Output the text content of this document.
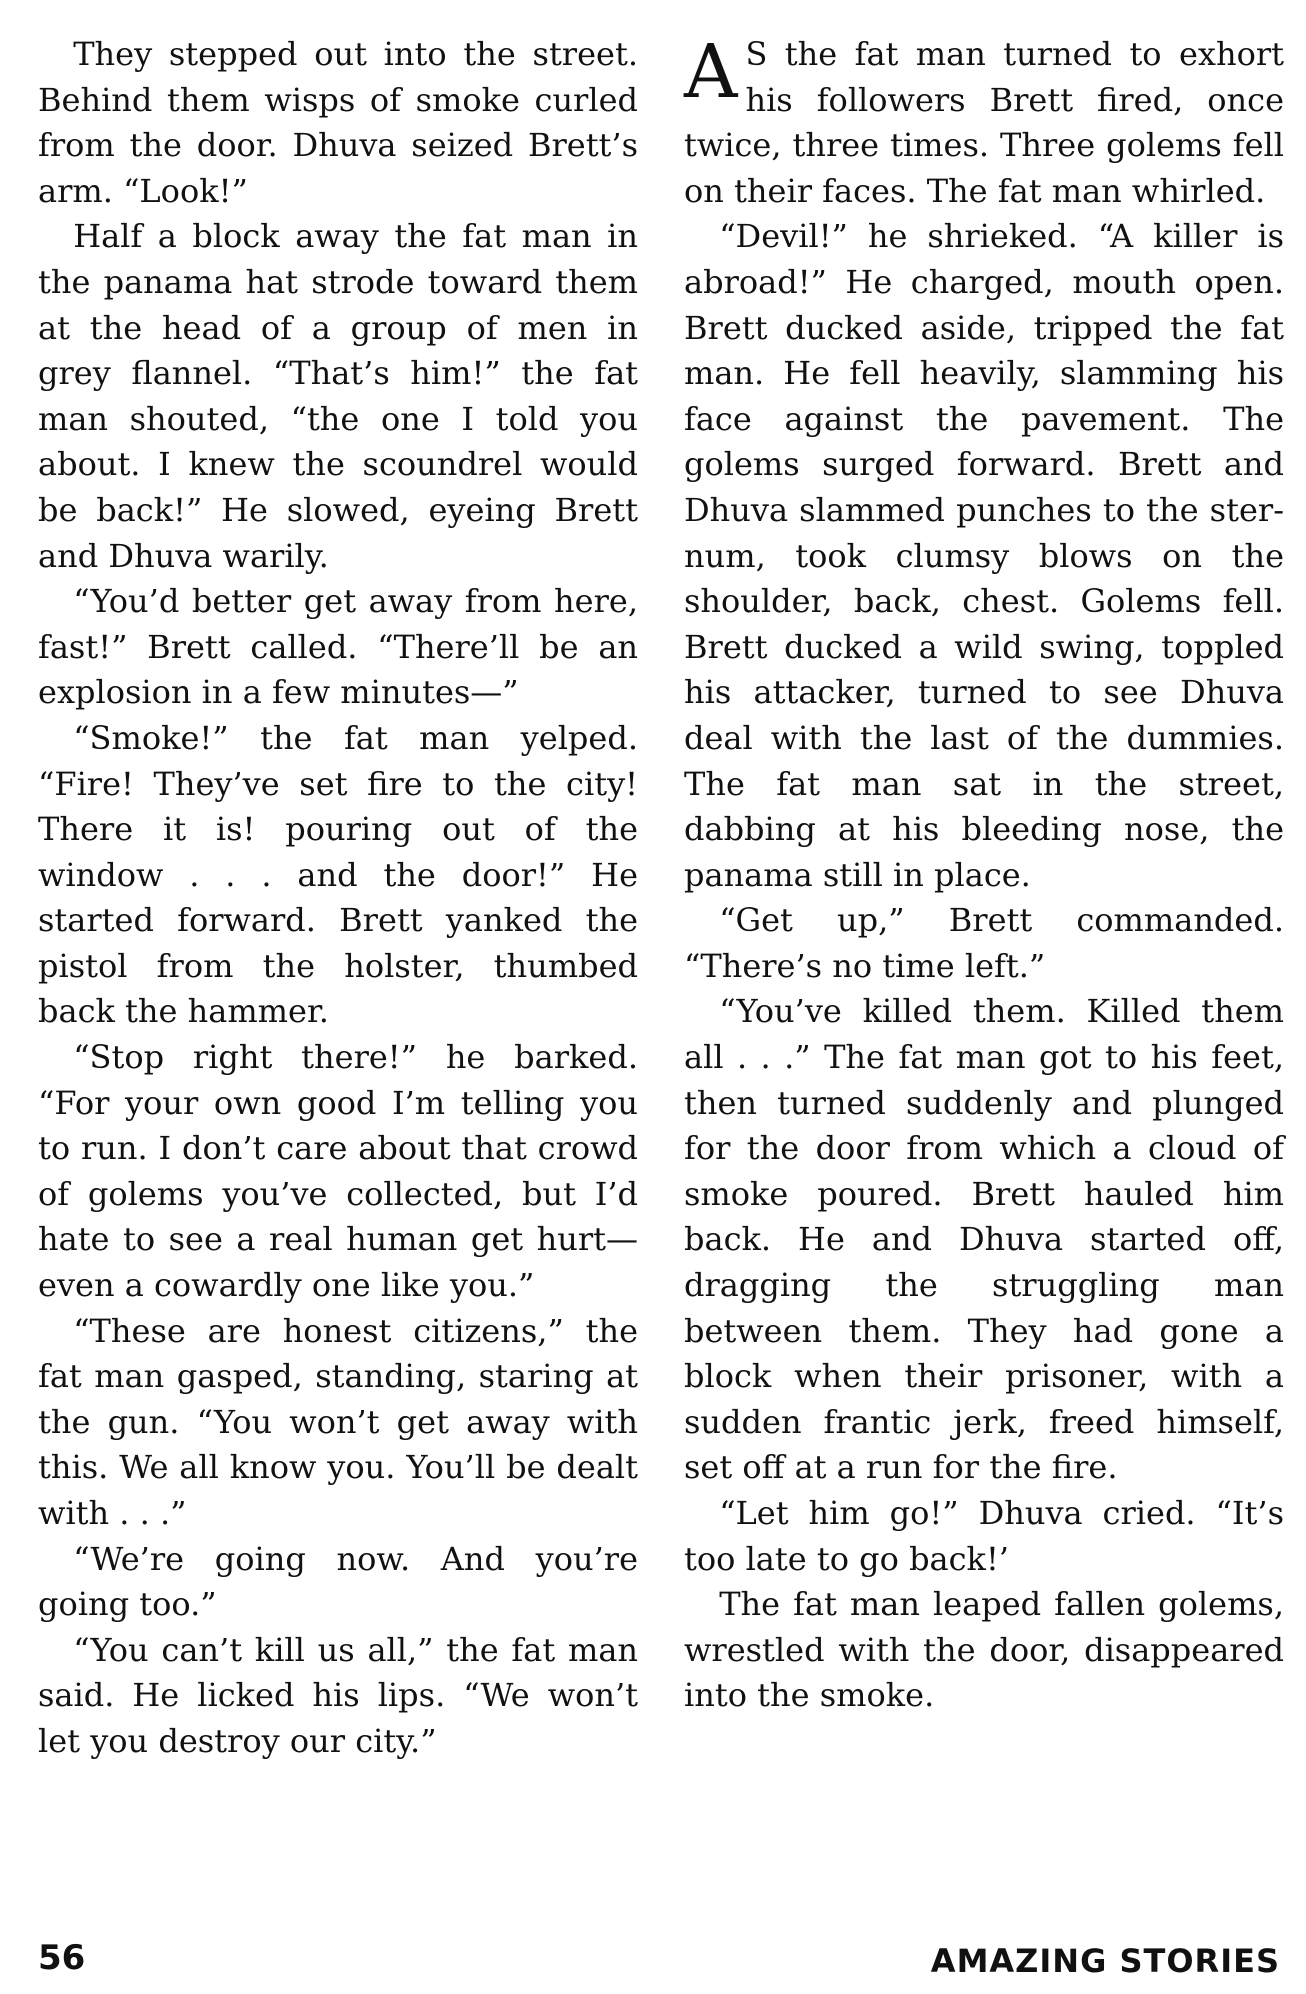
They stepped out into the street. Behind them wisps of smoke curled from the door. Dhuva seized Brett’s arm. “Look!”

Half a block away the fat man in the panama hat strode toward them at the head of a group of men in grey flannel. “That’s him!” the fat man shouted, “the one I told you about. I knew the scoundrel would be back!” He slowed, eyeing Brett and Dhuva warily.

“You’d better get away from here, fast!” Brett called. “There’ll be an explosion in a few minutes—”

“Smoke!” the fat man yelped. “Fire! They’ve set fire to the city! There it is! pouring out of the window . . . and the door!” He started forward. Brett yanked the pistol from the holster, thumbed back the hammer.

“Stop right there!” he barked. “For your own good I’m telling you to run. I don’t care about that crowd of golems you’ve collected, but I’d hate to see a real human get hurt—even a cowardly one like you.”

“These are honest citizens,” the fat man gasped, standing, staring at the gun. “You won’t get away with this. We all know you. You’ll be dealt with . . .”

“We’re going now. And you’re going too.”

“You can’t kill us all,” the fat man said. He licked his lips. “We won’t let you destroy our city.”

A S the fat man turned to exhort his followers Brett fired, once twice, three times. Three golems fell on their faces. The fat man whirled.

“Devil!” he shrieked. “A killer is abroad!” He charged, mouth open. Brett ducked aside, tripped the fat man. He fell heavily, slamming his face against the pavement. The golems surged forward. Brett and Dhuva slammed punches to the sternum, took clumsy blows on the shoulder, back, chest. Golems fell. Brett ducked a wild swing, toppled his attacker, turned to see Dhuva deal with the last of the dummies. The fat man sat in the street, dabbing at his bleeding nose, the panama still in place.

“Get up,” Brett commanded. “There’s no time left.”

“You’ve killed them. Killed them all . . .” The fat man got to his feet, then turned suddenly and plunged for the door from which a cloud of smoke poured. Brett hauled him back. He and Dhuva started off, dragging the struggling man between them. They had gone a block when their prisoner, with a sudden frantic jerk, freed himself, set off at a run for the fire.

“Let him go!” Dhuva cried. “It’s too late to go back!’

The fat man leaped fallen golems, wrestled with the door, disappeared into the smoke.

56	AMAZING STORIES
